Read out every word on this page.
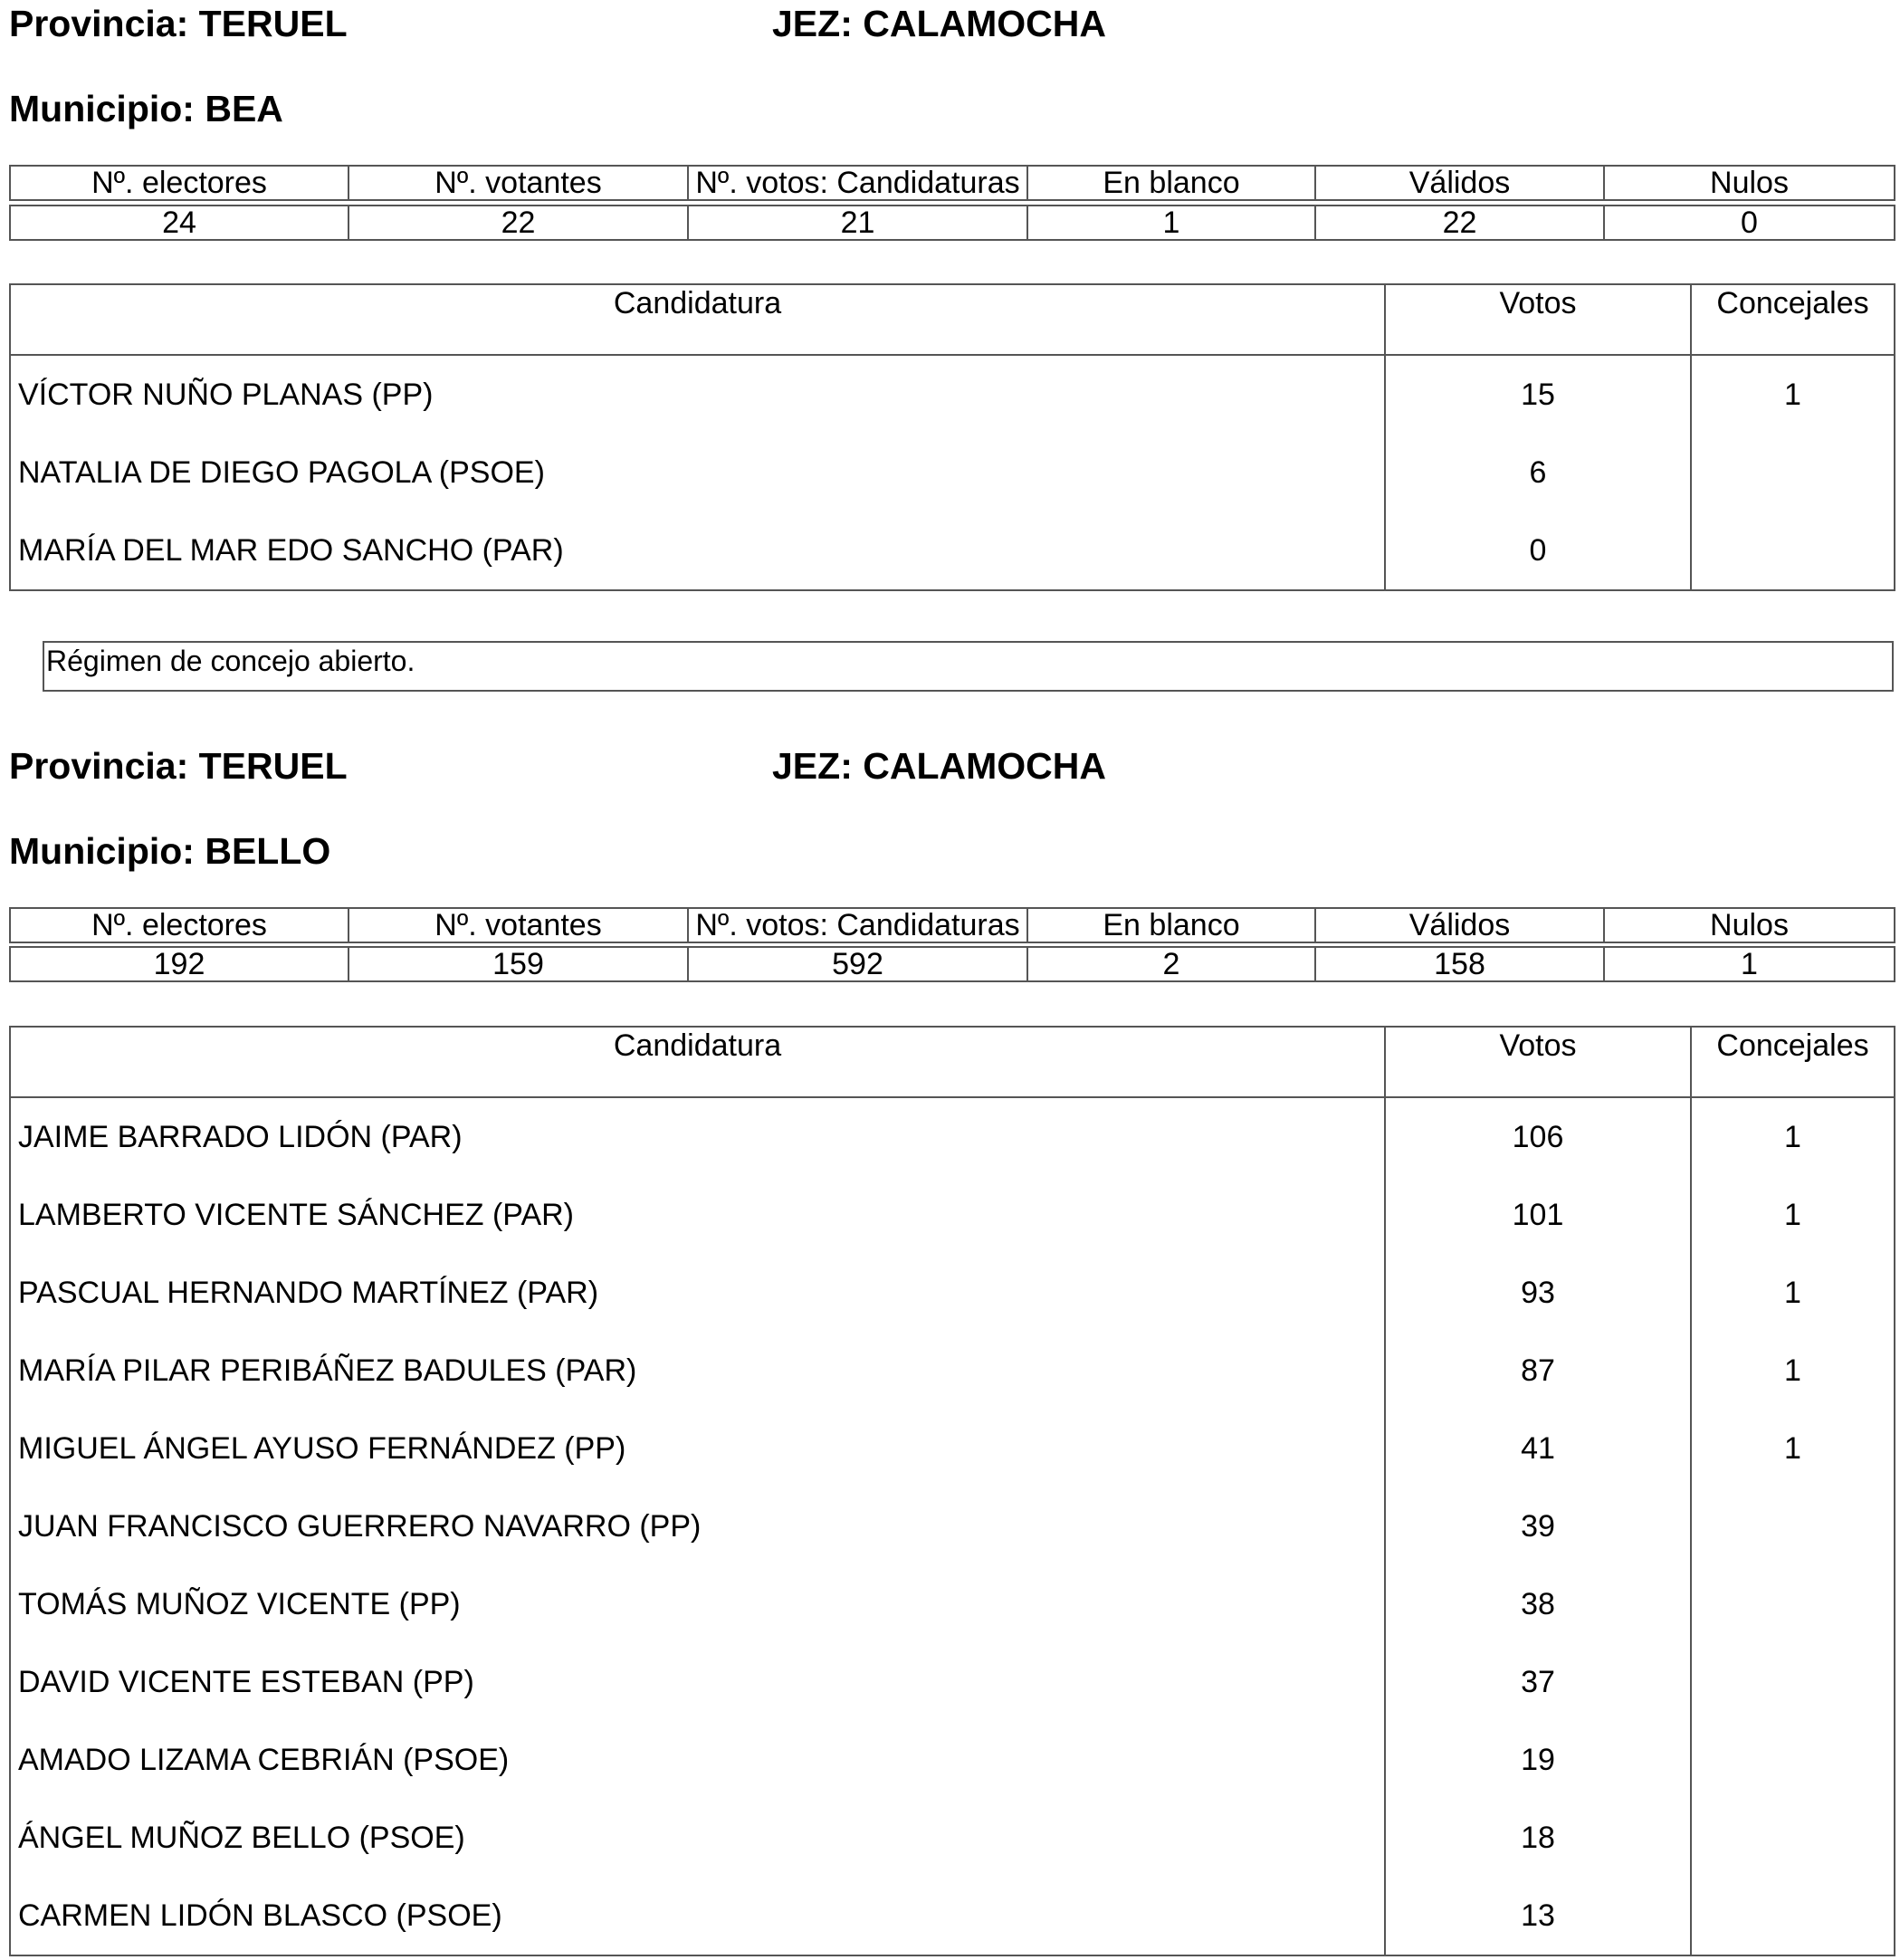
Provincia: TERUEL	JEZ: CALAMOCHA
Municipio: BEA
Nº. electores	Nº. votantes	Nº. votos: Candidaturas	En blanco	Válidos	Nulos
24	22	21	1	22	0
Candidatura	Votos	Concejales
VÍCTOR NUÑO PLANAS (PP)	15	1
NATALIA DE DIEGO PAGOLA (PSOE)	6	
MARÍA DEL MAR EDO SANCHO (PAR)	0	
Régimen de concejo abierto.
Provincia: TERUEL	JEZ: CALAMOCHA
Municipio: BELLO
Nº. electores	Nº. votantes	Nº. votos: Candidaturas	En blanco	Válidos	Nulos
192	159	592	2	158	1
Candidatura	Votos	Concejales
JAIME BARRADO LIDÓN (PAR)	106	1
LAMBERTO VICENTE SÁNCHEZ (PAR)	101	1
PASCUAL HERNANDO MARTÍNEZ (PAR)	93	1
MARÍA PILAR PERIBÁÑEZ BADULES (PAR)	87	1
MIGUEL ÁNGEL AYUSO FERNÁNDEZ (PP)	41	1
JUAN FRANCISCO GUERRERO NAVARRO (PP)	39	
TOMÁS MUÑOZ VICENTE (PP)	38	
DAVID VICENTE ESTEBAN (PP)	37	
AMADO LIZAMA CEBRIÁN (PSOE)	19	
ÁNGEL MUÑOZ BELLO (PSOE)	18	
CARMEN LIDÓN BLASCO (PSOE)	13	
